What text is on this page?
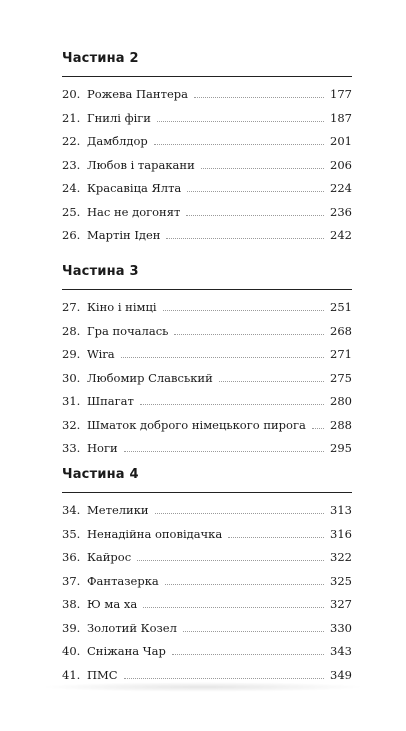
Частина 2
20. Рожева Пантера	177
21. Гнилі фіги	187
22. Дамблдор	201
23. Любов і таракани	206
24. Красавіца Ялта	224
25. Нас не догонят	236
26. Мартін Іден	242
Частина 3
27. Кіно і німці	251
28. Гра почалась	268
29. Wira	271
30. Любомир Славський	275
31. Шпагат	280
32. Шматок доброго німецького пирога	288
33. Ноги	295
Частина 4
34. Метелики	313
35. Ненадійна оповідачка	316
36. Кайрос	322
37. Фантазерка	325
38. Ю ма ха	327
39. Золотий Козел	330
40. Сніжана Чар	343
41. ПМС	349
